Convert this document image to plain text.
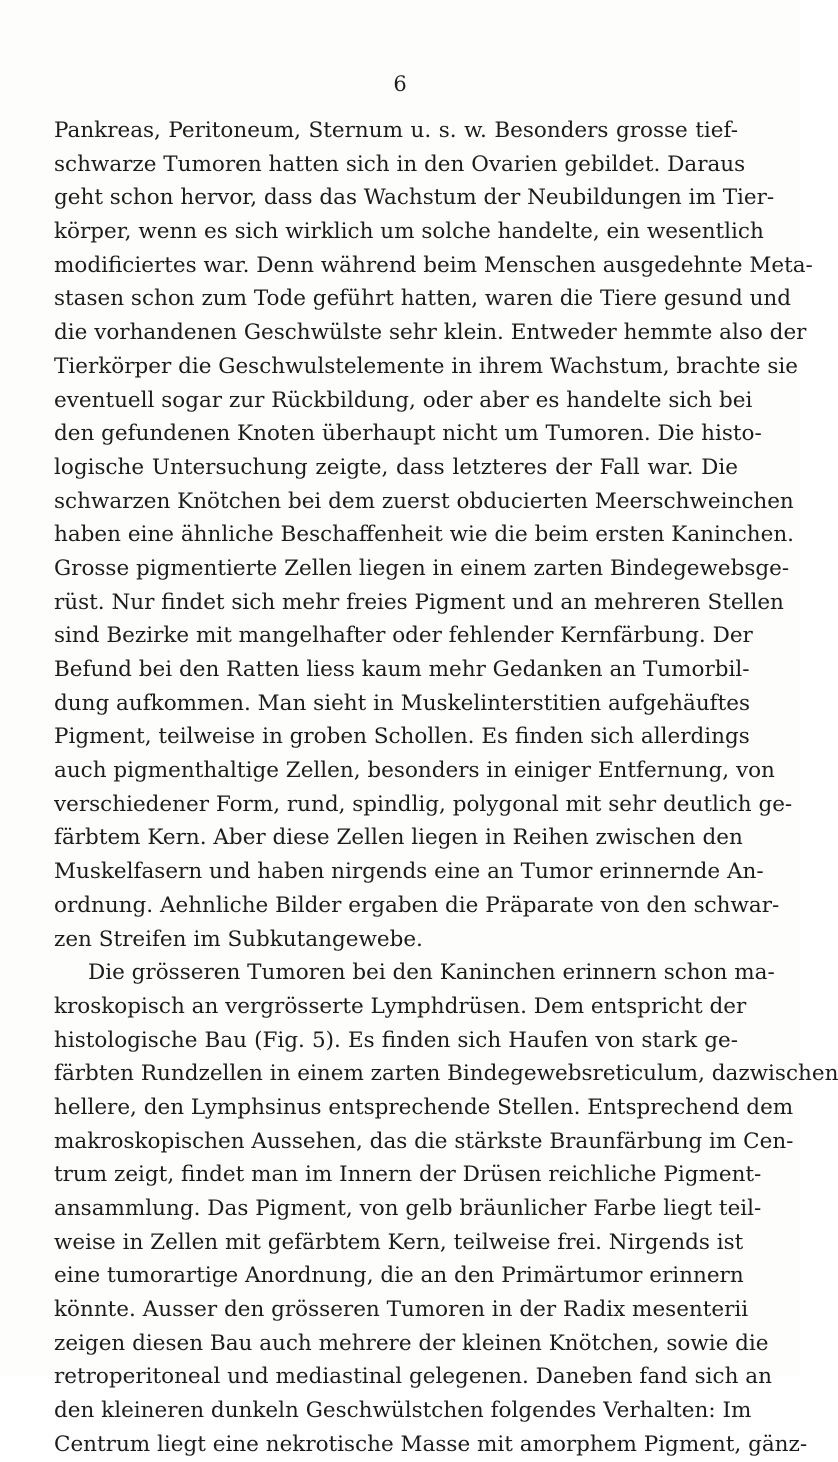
6
Pankreas, Peritoneum, Sternum u. s. w. Besonders grosse tief-
schwarze Tumoren hatten sich in den Ovarien gebildet. Daraus
geht schon hervor, dass das Wachstum der Neubildungen im Tier-
körper, wenn es sich wirklich um solche handelte, ein wesentlich
modificiertes war. Denn während beim Menschen ausgedehnte Meta-
stasen schon zum Tode geführt hatten, waren die Tiere gesund und
die vorhandenen Geschwülste sehr klein. Entweder hemmte also der
Tierkörper die Geschwulstelemente in ihrem Wachstum, brachte sie
eventuell sogar zur Rückbildung, oder aber es handelte sich bei
den gefundenen Knoten überhaupt nicht um Tumoren. Die histo-
logische Untersuchung zeigte, dass letzteres der Fall war. Die
schwarzen Knötchen bei dem zuerst obducierten Meerschweinchen
haben eine ähnliche Beschaffenheit wie die beim ersten Kaninchen.
Grosse pigmentierte Zellen liegen in einem zarten Bindegewebsge-
rüst. Nur findet sich mehr freies Pigment und an mehreren Stellen
sind Bezirke mit mangelhafter oder fehlender Kernfärbung. Der
Befund bei den Ratten liess kaum mehr Gedanken an Tumorbil-
dung aufkommen. Man sieht in Muskelinterstitien aufgehäuftes
Pigment, teilweise in groben Schollen. Es finden sich allerdings
auch pigmenthaltige Zellen, besonders in einiger Entfernung, von
verschiedener Form, rund, spindlig, polygonal mit sehr deutlich ge-
färbtem Kern. Aber diese Zellen liegen in Reihen zwischen den
Muskelfasern und haben nirgends eine an Tumor erinnernde An-
ordnung. Aehnliche Bilder ergaben die Präparate von den schwar-
zen Streifen im Subkutangewebe.
Die grösseren Tumoren bei den Kaninchen erinnern schon ma-
kroskopisch an vergrösserte Lymphdrüsen. Dem entspricht der
histologische Bau (Fig. 5). Es finden sich Haufen von stark ge-
färbten Rundzellen in einem zarten Bindegewebsreticulum, dazwischen
hellere, den Lymphsinus entsprechende Stellen. Entsprechend dem
makroskopischen Aussehen, das die stärkste Braunfärbung im Cen-
trum zeigt, findet man im Innern der Drüsen reichliche Pigment-
ansammlung. Das Pigment, von gelb bräunlicher Farbe liegt teil-
weise in Zellen mit gefärbtem Kern, teilweise frei. Nirgends ist
eine tumorartige Anordnung, die an den Primärtumor erinnern
könnte. Ausser den grösseren Tumoren in der Radix mesenterii
zeigen diesen Bau auch mehrere der kleinen Knötchen, sowie die
retroperitoneal und mediastinal gelegenen. Daneben fand sich an
den kleineren dunkeln Geschwülstchen folgendes Verhalten: Im
Centrum liegt eine nekrotische Masse mit amorphem Pigment, gänz-
